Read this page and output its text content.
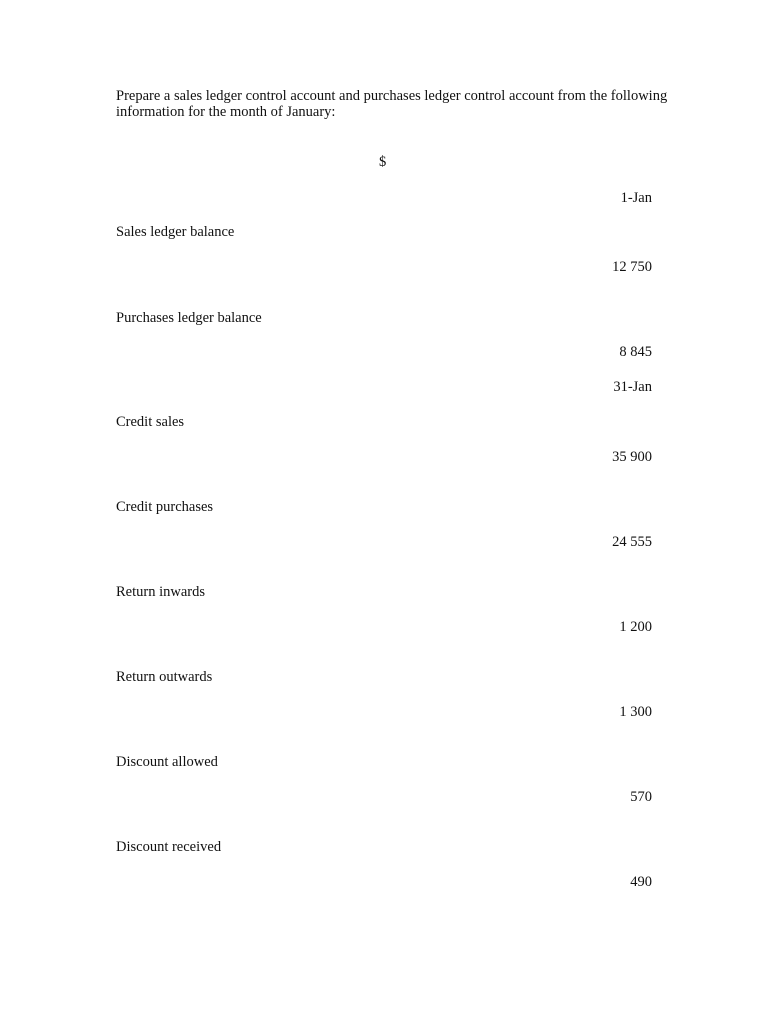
Prepare a sales ledger control account and purchases ledger control account from the following information for the month of January:

$
1-Jan
Sales ledger balance
12 750
Purchases ledger balance
8 845
31-Jan
Credit sales
35 900
Credit purchases
24 555
Return inwards
1 200
Return outwards
1 300
Discount allowed
570
Discount received
490
